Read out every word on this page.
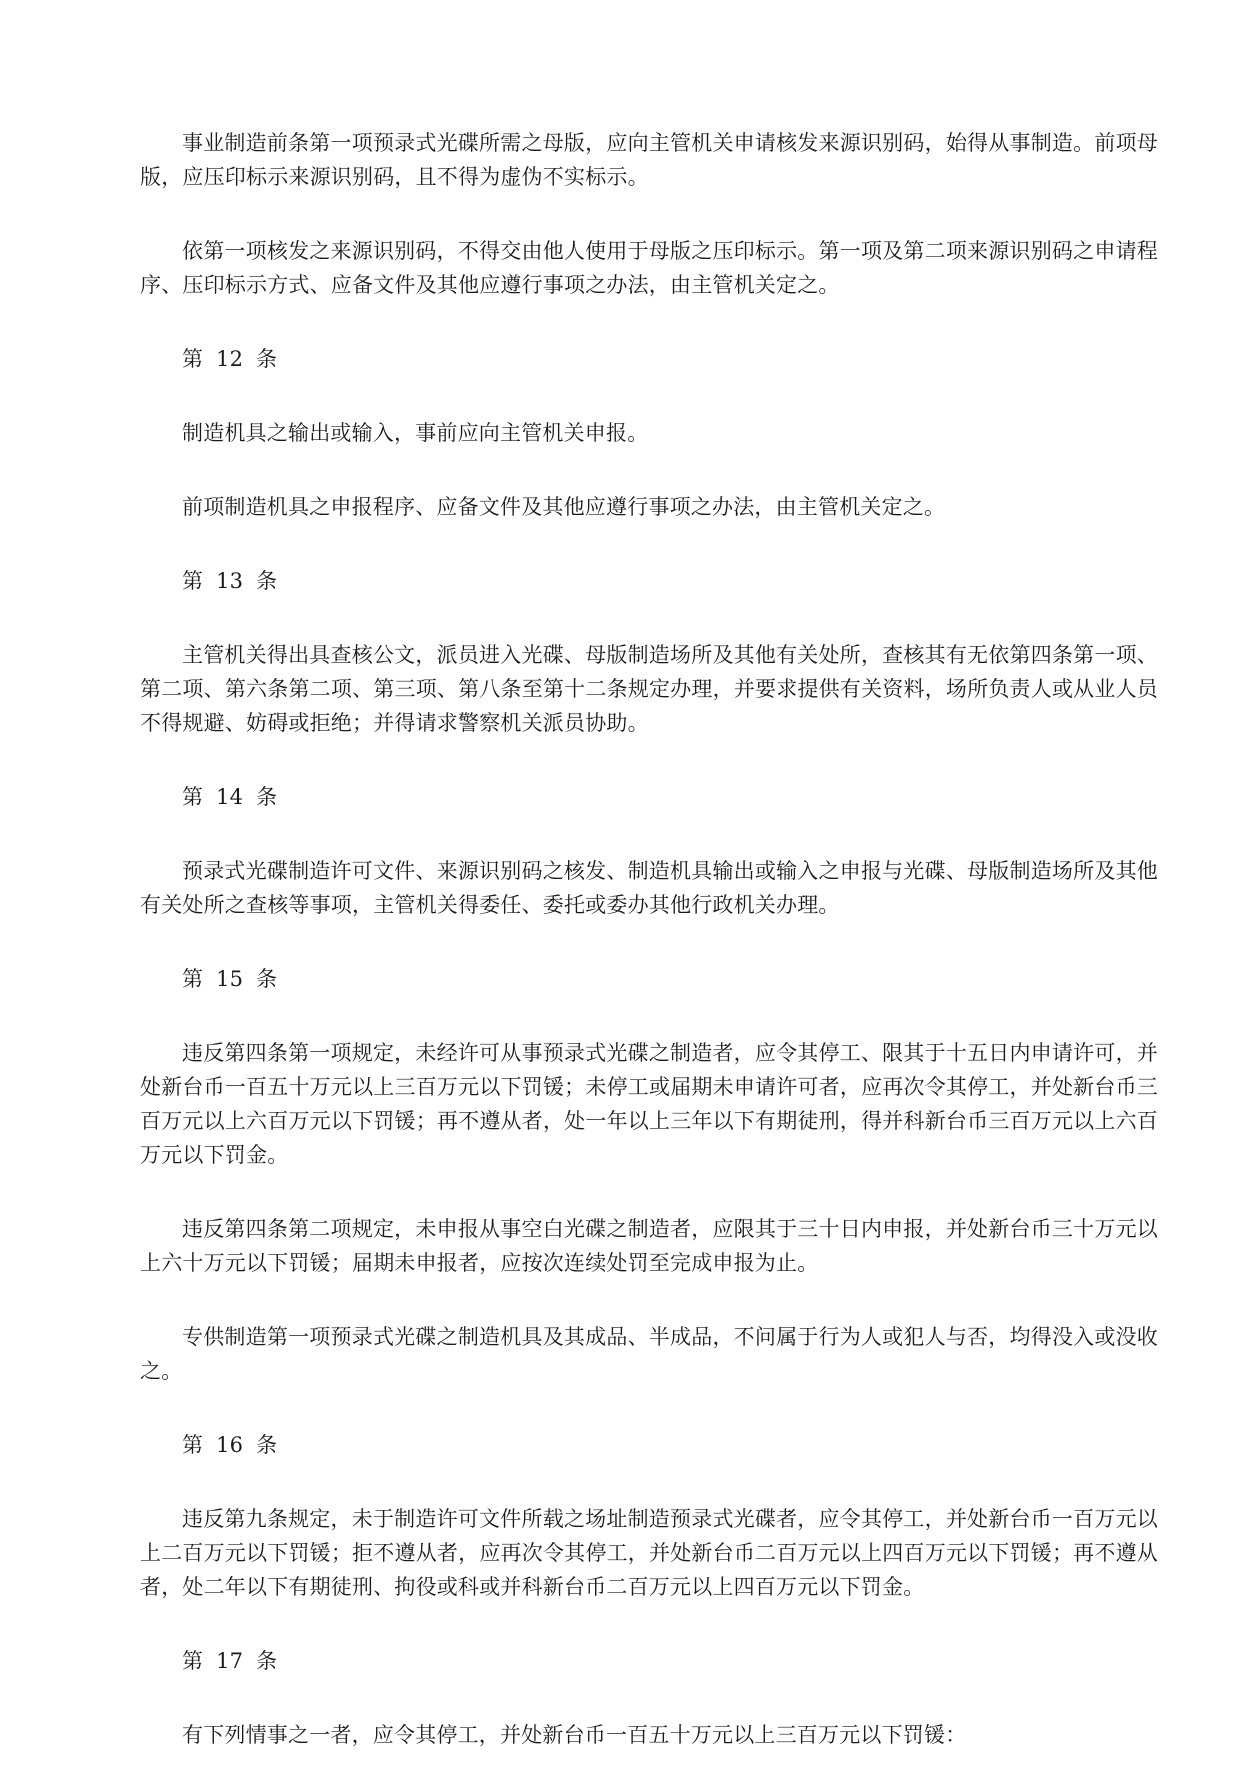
事业制造前条第一项预录式光碟所需之母版，应向主管机关申请核发来源识别码，始得从事制造。前项母版，应压印标示来源识别码，且不得为虚伪不实标示。

依第一项核发之来源识别码，不得交由他人使用于母版之压印标示。第一项及第二项来源识别码之申请程序、压印标示方式、应备文件及其他应遵行事项之办法，由主管机关定之。

第 12 条

制造机具之输出或输入，事前应向主管机关申报。

前项制造机具之申报程序、应备文件及其他应遵行事项之办法，由主管机关定之。

第 13 条

主管机关得出具查核公文，派员进入光碟、母版制造场所及其他有关处所，查核其有无依第四条第一项、第二项、第六条第二项、第三项、第八条至第十二条规定办理，并要求提供有关资料，场所负责人或从业人员不得规避、妨碍或拒绝；并得请求警察机关派员协助。

第 14 条

预录式光碟制造许可文件、来源识别码之核发、制造机具输出或输入之申报与光碟、母版制造场所及其他有关处所之查核等事项，主管机关得委任、委托或委办其他行政机关办理。

第 15 条

违反第四条第一项规定，未经许可从事预录式光碟之制造者，应令其停工、限其于十五日内申请许可，并处新台币一百五十万元以上三百万元以下罚锾；未停工或届期未申请许可者，应再次令其停工，并处新台币三百万元以上六百万元以下罚锾；再不遵从者，处一年以上三年以下有期徒刑，得并科新台币三百万元以上六百万元以下罚金。

违反第四条第二项规定，未申报从事空白光碟之制造者，应限其于三十日内申报，并处新台币三十万元以上六十万元以下罚锾；届期未申报者，应按次连续处罚至完成申报为止。

专供制造第一项预录式光碟之制造机具及其成品、半成品，不问属于行为人或犯人与否，均得没入或没收之。

第 16 条

违反第九条规定，未于制造许可文件所载之场址制造预录式光碟者，应令其停工，并处新台币一百万元以上二百万元以下罚锾；拒不遵从者，应再次令其停工，并处新台币二百万元以上四百万元以下罚锾；再不遵从者，处二年以下有期徒刑、拘役或科或并科新台币二百万元以上四百万元以下罚金。

第 17 条

有下列情事之一者，应令其停工，并处新台币一百五十万元以上三百万元以下罚锾：
